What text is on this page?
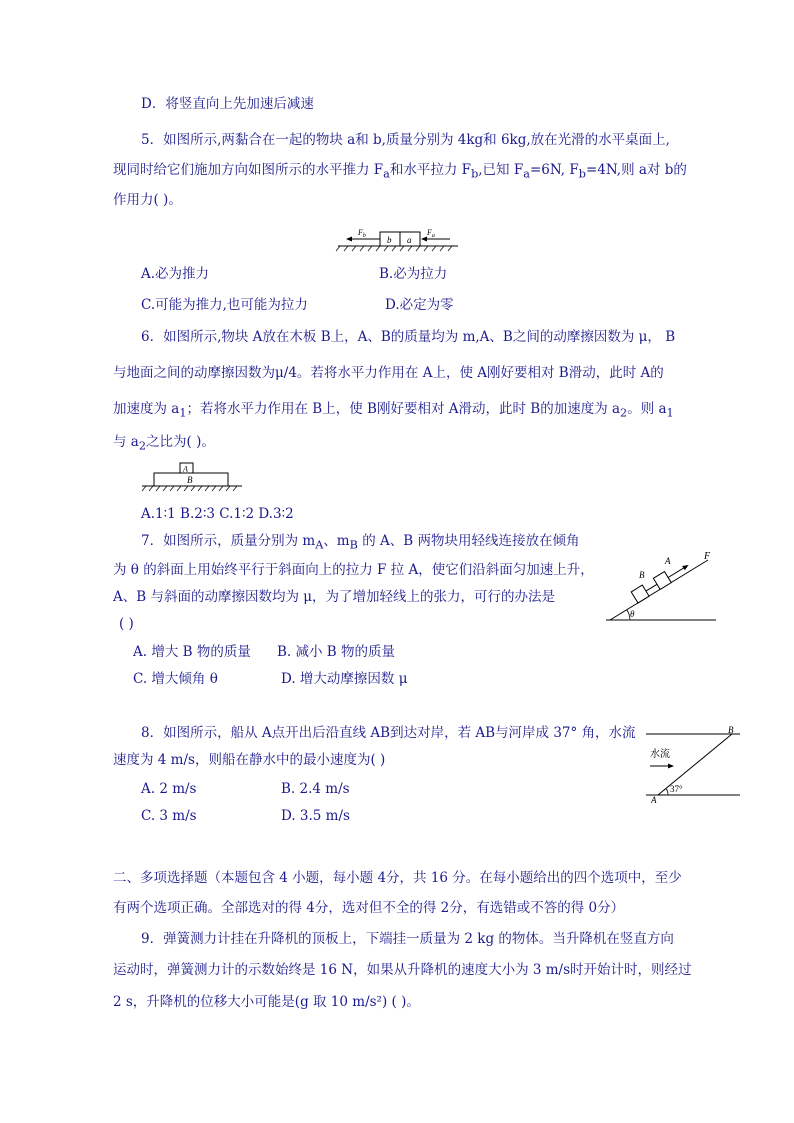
D．将竖直向上先加速后减速
5．如图所示,两黏合在一起的物块 a和 b,质量分别为 4kg和 6kg,放在光滑的水平桌面上,
现同时给它们施加方向如图所示的水平推力 $F_a$和水平拉力 $F_b$,已知 $F_a=6N$, $F_b=4N$,则 a对 b的
作用力( )。
b a
$F_b$	$F_a$
A.必为推力	B.必为拉力
C.可能为推力,也可能为拉力	D.必定为零
6．如图所示,物块 A放在木板 B上，A、B的质量均为 m,A、B之间的动摩擦因数为 μ， B
与地面之间的动摩擦因数为μ/4。若将水平力作用在 A上，使 A刚好要相对 B滑动，此时 A的
加速度为 $a_1$；若将水平力作用在 B上，使 B刚好要相对 A滑动，此时 B的加速度为 $a_2$。则 $a_1$
与 $a_2$之比为( )。
A
B
A.1∶1 B.2∶3 C.1∶2 D.3∶2
7．如图所示，质量分别为 $m_A$、$m_B$ 的 A、B 两物块用轻线连接放在倾角
为 θ 的斜面上用始终平行于斜面向上的拉力 F 拉 A，使它们沿斜面匀加速上升，
A、B 与斜面的动摩擦因数均为 μ，为了增加轻线上的张力，可行的办法是
( )
θ
B
A	F
A. 增大 B 物的质量 B. 减小 B 物的质量
C. 增大倾角 θ	D. 增大动摩擦因数 μ
8．如图所示，船从 A点开出后沿直线 AB到达对岸，若 AB与河岸成 37° 角，水流
速度为 4 m/s，则船在静水中的最小速度为( )
A. 2 m/s	B. 2.4 m/s
C. 3 m/s	D. 3.5 m/s
B
A
水流
37°
二、多项选择题（本题包含 4 小题，每小题 4分，共 16 分。在每小题给出的四个选项中，至少
有两个选项正确。全部选对的得 4分，选对但不全的得 2分，有选错或不答的得 0分）
9．弹簧测力计挂在升降机的顶板上，下端挂一质量为 2 kg 的物体。当升降机在竖直方向
运动时，弹簧测力计的示数始终是 16 N，如果从升降机的速度大小为 3 m/s时开始计时，则经过
2 s，升降机的位移大小可能是(g 取 10 m/s²) ( )。
